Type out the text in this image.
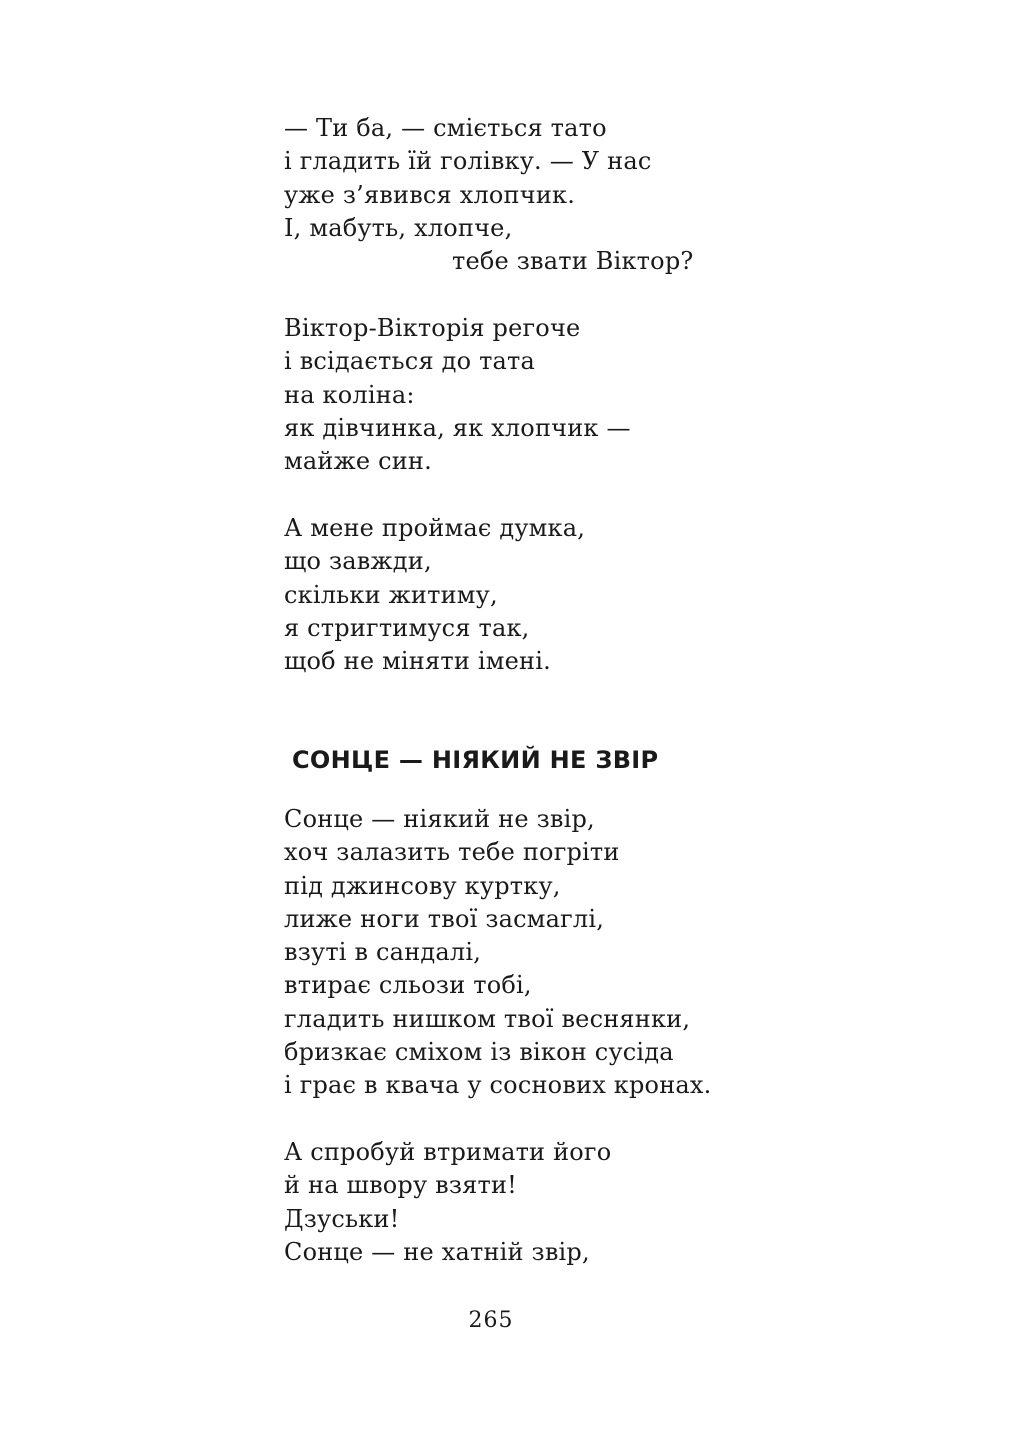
— Ти ба, — сміється тато
і гладить їй голівку. — У нас
уже з’явився хлопчик.
І, мабуть, хлопче,
тебе звати Віктор?
Віктор-Вікторія регоче
і всідається до тата
на коліна:
як дівчинка, як хлопчик —
майже син.
А мене проймає думка,
що завжди,
скільки житиму,
я стригтимуся так,
щоб не міняти імені.
СОНЦЕ — НІЯКИЙ НЕ ЗВІР
Сонце — ніякий не звір,
хоч залазить тебе погріти
під джинсову куртку,
лиже ноги твої засмаглі,
взуті в сандалі,
втирає сльози тобі,
гладить нишком твої веснянки,
бризкає сміхом із вікон сусіда
і грає в квача у соснових кронах.
А спробуй втримати його
й на швору взяти!
Дзуськи!
Сонце — не хатній звір,
265
